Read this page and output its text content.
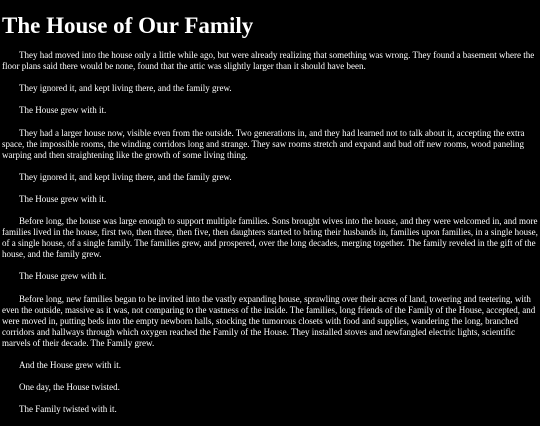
The House of Our Family

They had moved into the house only a little while ago, but were already realizing that something was wrong. They found a basement where the floor plans said there would be none, found that the attic was slightly larger than it should have been.

They ignored it, and kept living there, and the family grew.

The House grew with it.

They had a larger house now, visible even from the outside. Two generations in, and they had learned not to talk about it, accepting the extra space, the impossible rooms, the winding corridors long and strange. They saw rooms stretch and expand and bud off new rooms, wood paneling warping and then straightening like the growth of some living thing.

They ignored it, and kept living there, and the family grew.

The House grew with it.

Before long, the house was large enough to support multiple families. Sons brought wives into the house, and they were welcomed in, and more families lived in the house, first two, then three, then five, then daughters started to bring their husbands in, families upon families, in a single house, of a single house, of a single family. The families grew, and prospered, over the long decades, merging together. The family reveled in the gift of the house, and the family grew.

The House grew with it.

Before long, new families began to be invited into the vastly expanding house, sprawling over their acres of land, towering and teetering, with even the outside, massive as it was, not comparing to the vastness of the inside. The families, long friends of the Family of the House, accepted, and were moved in, putting beds into the empty newborn halls, stocking the tumorous closets with food and supplies, wandering the long, branched corridors and hallways through which oxygen reached the Family of the House. They installed stoves and newfangled electric lights, scientific marvels of their decade. The Family grew.

And the House grew with it.

One day, the House twisted.

The Family twisted with it.
